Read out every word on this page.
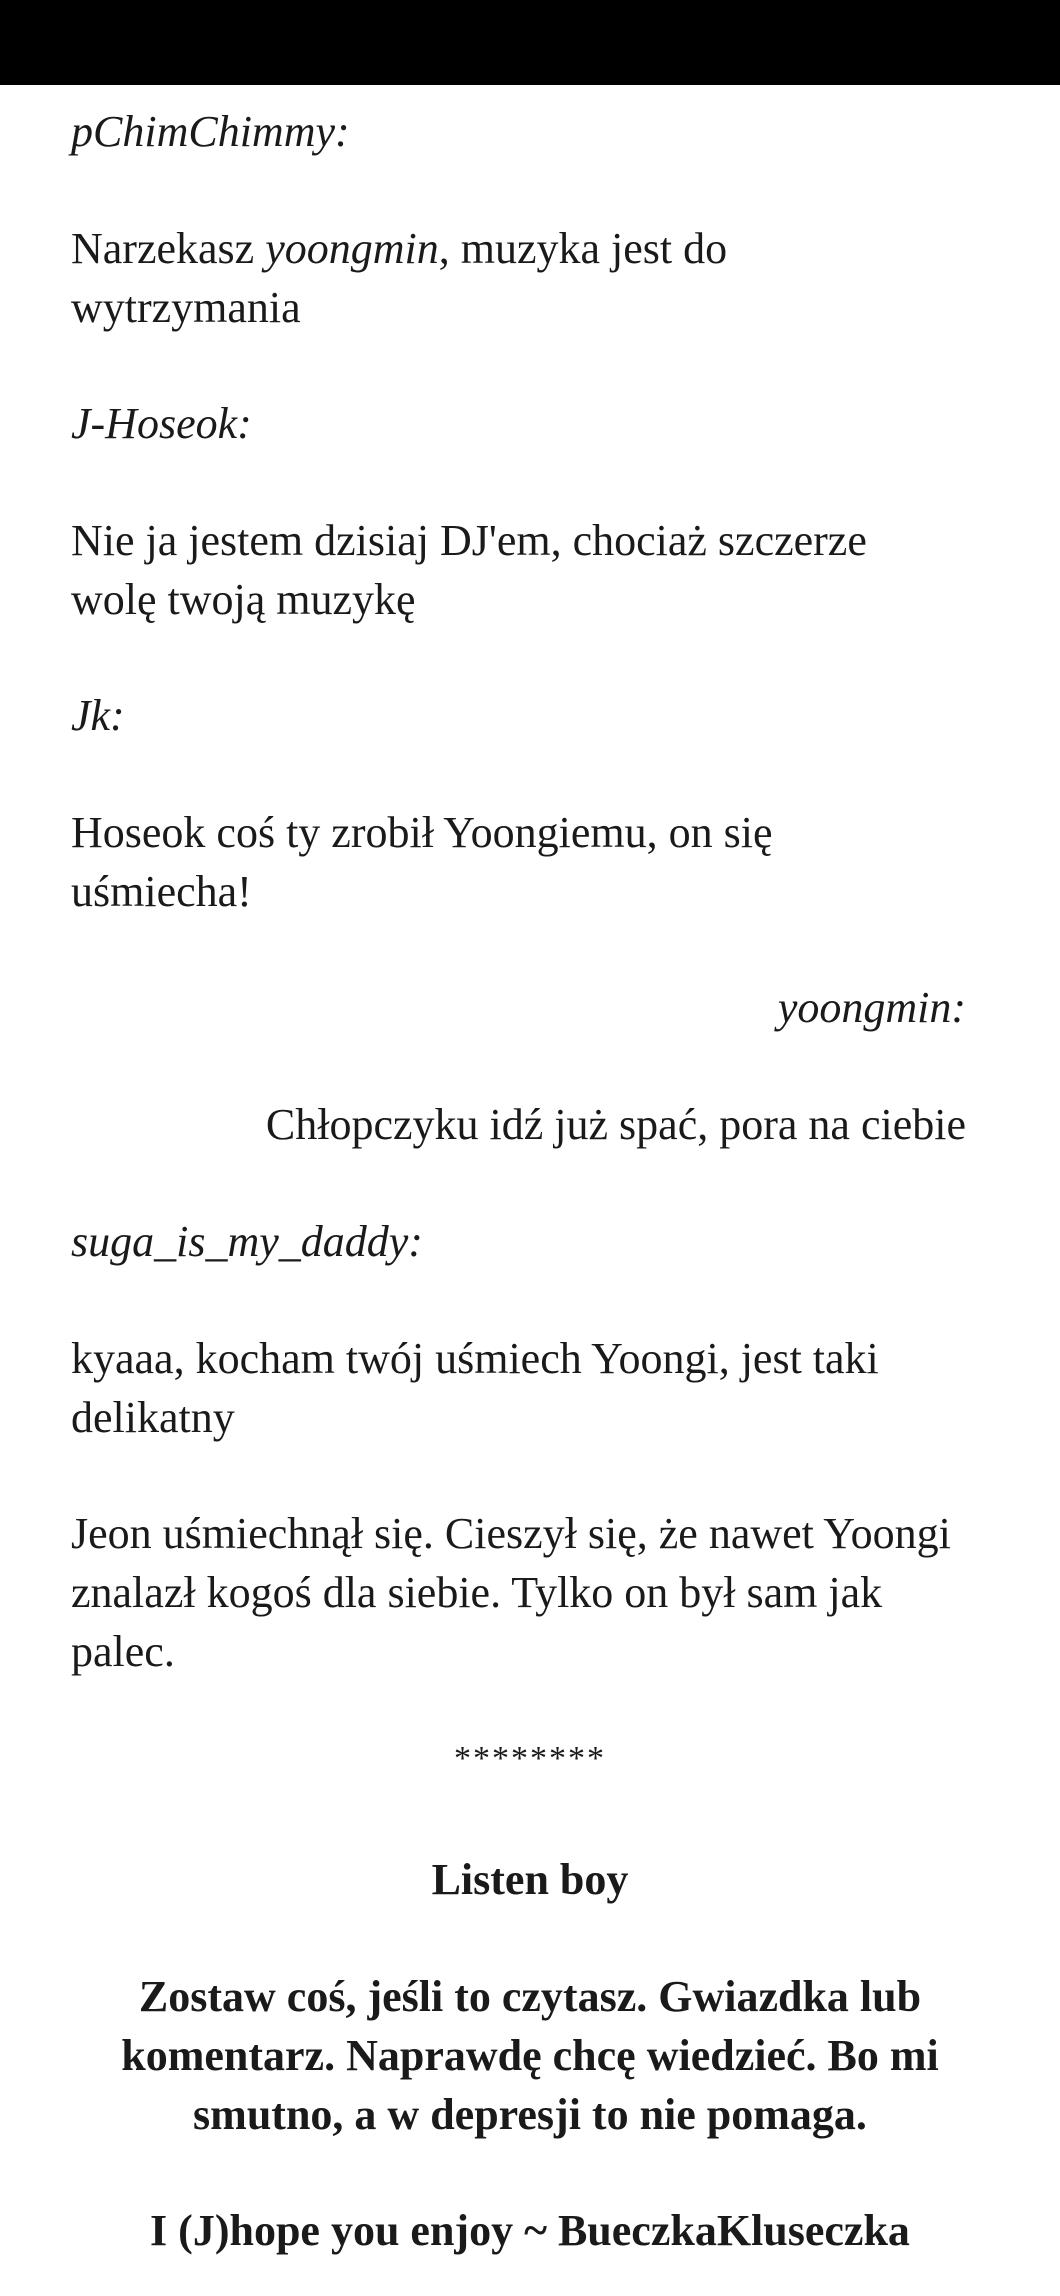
pChimChimmy:

Narzekasz yoongmin, muzyka jest do wytrzymania

J-Hoseok:

Nie ja jestem dzisiaj DJ'em, chociaż szczerze wolę twoją muzykę

Jk:

Hoseok coś ty zrobił Yoongiemu, on się uśmiecha!

yoongmin:

Chłopczyku idź już spać, pora na ciebie

suga_is_my_daddy:

kyaaa, kocham twój uśmiech Yoongi, jest taki delikatny

Jeon uśmiechnął się. Cieszył się, że nawet Yoongi znalazł kogoś dla siebie. Tylko on był sam jak palec.

********

Listen boy

Zostaw coś, jeśli to czytasz. Gwiazdka lub komentarz. Naprawdę chcę wiedzieć. Bo mi smutno, a w depresji to nie pomaga.

I (J)hope you enjoy ~ BueczkaKluseczka
